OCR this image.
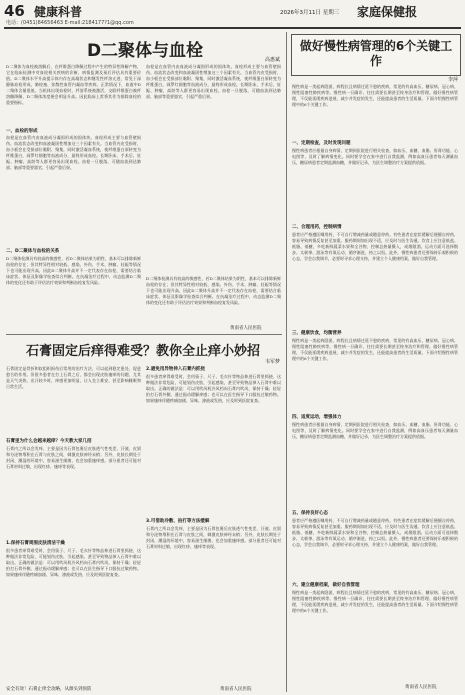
46 健康科普
电话：(0451)84656463 E-mail:2184177?1@qq.com
2026年3月11日 星期三 家庭保健报
D二聚体与血栓	高惠斌
D二聚体为血栓被溶解后，在纤维蛋白降解过程中产生的特异性降解产物，它在临床检测中对血栓相关疾病的诊断、病情监测及预后评估具有重要价值。D二聚体水平升高提示体内存在高凝状态和继发性纤溶亢进，常见于深静脉血栓形成、肺栓塞、弥散性血管内凝血等疾病。正常情况下，血液中D二聚体含量很低，当机体出现血栓时，纤溶系统被激活，交联纤维蛋白被纤溶酶降解，D二聚体浓度便会明显升高。因此临床上常将其作为排除血栓的重要指标。
一、血栓的形成
血栓是在血管内由血液成分凝固形成的固体块。血栓形成主要与血管壁损伤、血流状态改变和血液凝固性增加这三个因素有关。当血管内皮受损时，血小板会在受损部位黏附、聚集，同时激活凝血系统，使纤维蛋白原转变为纤维蛋白，网罗红细胞等血液成分，最终形成血栓。长期卧床、手术后、妊娠、肿瘤、高龄等人群更容易出现血栓。血栓一旦脱落，可随血流到达肺部、脑部等重要器官，引起严重后果。
二、D二聚体与血栓的关系
D二聚体检测具有较高的敏感性，若D二聚体结果为阴性，基本可以排除新鲜血栓的存在；但其特异性相对较低，感染、外伤、手术、肿瘤、妊娠等情况下也可能出现升高，因此D二聚体升高并不一定代表存在血栓，需要结合临床症状、体征及影像学检查综合判断。在抗凝治疗过程中，动态监测D二聚体的变化还有助于评估治疗效果和判断血栓复发风险。
血栓是在血管内由血液成分凝固形成的固体块。血栓形成主要与血管壁损伤、血流状态改变和血液凝固性增加这三个因素有关。当血管内皮受损时，血小板会在受损部位黏附、聚集，同时激活凝血系统，使纤维蛋白原转变为纤维蛋白，网罗红细胞等血液成分，最终形成血栓。长期卧床、手术后、妊娠、肿瘤、高龄等人群更容易出现血栓。血栓一旦脱落，可随血流到达肺部、脑部等重要器官，引起严重后果。
D二聚体检测具有较高的敏感性，若D二聚体结果为阴性，基本可以排除新鲜血栓的存在；但其特异性相对较低，感染、外伤、手术、肿瘤、妊娠等情况下也可能出现升高，因此D二聚体升高并不一定代表存在血栓，需要结合临床症状、体征及影像学检查综合判断。在抗凝治疗过程中，动态监测D二聚体的变化还有助于评估治疗效果和判断血栓复发风险。
黄南省人民医院
石膏固定后痒得难受？教你全止痒小妙招
韦军梦
石膏固定是骨折和软组织损伤后常用的治疗方法，可以起到稳定患处、促进愈合的作用。但很多患者在打上石膏之后，都会出现皮肤瘙痒的问题，尤其是天气炎热、出汗较多时，痒感更加明显，让人坐立难安，甚至影响睡眠和日常生活。
石膏里为什么会越来越痒？今天教大家几招
石膏内之所以会发痒，主要是因为石膏包裹后皮肤透气性变差，汗液、皮屑和分泌物堆积在石膏与皮肤之间，刺激皮肤神经末梢；另外，皮肤长期处于封闭、潮湿的环境中，容易滋生细菌，也会加重瘙痒感。部分患者还可能对石膏材料过敏，出现红疹、瘙痒等表现。
1.保持石膏周围皮肤清洁干燥
很多患者痒得难受时，会用筷子、尺子、毛衣针等物品伸进石膏里抓挠，这种做法非常危险，可能划伤皮肤，引起感染，甚至导致物品掉入石膏中难以取出。正确的做法是：可以用吹风机冷风档向石膏内吹风，保持干燥；轻轻拍打石膏外侧，通过振动缓解痒感；也可以在医生指导下口服抗过敏药物。如果瘙痒伴随疼痛加剧、异味、渗液或发热，应及时到医院复查。
2.避免用异物伸入石膏内抓挠
很多患者痒得难受时，会用筷子、尺子、毛衣针等物品伸进石膏里抓挠，这种做法非常危险，可能划伤皮肤，引起感染，甚至导致物品掉入石膏中难以取出。正确的做法是：可以用吹风机冷风档向石膏内吹风，保持干燥；轻轻拍打石膏外侧，通过振动缓解痒感；也可以在医生指导下口服抗过敏药物。如果瘙痒伴随疼痛加剧、异味、渗液或发热，应及时到医院复查。
3.可借助冷敷、拍打等方法缓解
石膏内之所以会发痒，主要是因为石膏包裹后皮肤透气性变差，汗液、皮屑和分泌物堆积在石膏与皮肤之间，刺激皮肤神经末梢；另外，皮肤长期处于封闭、潮湿的环境中，容易滋生细菌，也会加重瘙痒感。部分患者还可能对石膏材料过敏，出现红疹、瘙痒等表现。
安全有效！石膏止痒全攻略，从源头到预防	黄南省人民医院
做好慢性病管理的6个关键工作
李萍
慢性病是一类起病隐匿、病程长且病情迁延不愈的疾病，常见的有高血压、糖尿病、冠心病、慢性阻塞性肺疾病等。慢性病一旦确诊，往往需要长期甚至终身治疗和管理。做好慢性病管理，不仅能延缓疾病进展，减少并发症的发生，还能提高患者的生活质量。下面介绍慢性病管理中的6个关键工作。
一、定期检查，及时发现问题
慢性病患者应根据自身病情，定期到医院进行相关检查，如血压、血糖、血脂、肝肾功能、心电图等，及时了解病情变化。同时要学会在家中进行自我监测，例如高血压患者每天测量血压，糖尿病患者定期监测血糖，并做好记录，为医生调整治疗方案提供依据。
二、合理用药，控制病情
患者应严格遵医嘱用药，不可自行增减药量或随意停药。有些患者在症状缓解后便擅自停药，容易导致病情反复甚至加重。服药期间如出现不适，应及时与医生沟通。饮食上应注意低盐、低脂、低糖，多吃新鲜蔬菜水果和全谷物，控制总热量摄入，戒烟限酒。运动方面可选择散步、太极拳、游泳等有氧运动，循序渐进，持之以恒。此外，慢性病患者还要保持乐观积极的心态，学会自我调节，必要时寻求心理支持，并建立个人健康档案，做好自我管理。
三、健康饮食，均衡营养
慢性病是一类起病隐匿、病程长且病情迁延不愈的疾病，常见的有高血压、糖尿病、冠心病、慢性阻塞性肺疾病等。慢性病一旦确诊，往往需要长期甚至终身治疗和管理。做好慢性病管理，不仅能延缓疾病进展，减少并发症的发生，还能提高患者的生活质量。下面介绍慢性病管理中的6个关键工作。
四、适度运动，增强体力
慢性病患者应根据自身病情，定期到医院进行相关检查，如血压、血糖、血脂、肝肾功能、心电图等，及时了解病情变化。同时要学会在家中进行自我监测，例如高血压患者每天测量血压，糖尿病患者定期监测血糖，并做好记录，为医生调整治疗方案提供依据。
五、保持良好心态
患者应严格遵医嘱用药，不可自行增减药量或随意停药。有些患者在症状缓解后便擅自停药，容易导致病情反复甚至加重。服药期间如出现不适，应及时与医生沟通。饮食上应注意低盐、低脂、低糖，多吃新鲜蔬菜水果和全谷物，控制总热量摄入，戒烟限酒。运动方面可选择散步、太极拳、游泳等有氧运动，循序渐进，持之以恒。此外，慢性病患者还要保持乐观积极的心态，学会自我调节，必要时寻求心理支持，并建立个人健康档案，做好自我管理。
六、建立健康档案，做好自我管理
慢性病是一类起病隐匿、病程长且病情迁延不愈的疾病，常见的有高血压、糖尿病、冠心病、慢性阻塞性肺疾病等。慢性病一旦确诊，往往需要长期甚至终身治疗和管理。做好慢性病管理，不仅能延缓疾病进展，减少并发症的发生，还能提高患者的生活质量。下面介绍慢性病管理中的6个关键工作。
黄南省人民医院
